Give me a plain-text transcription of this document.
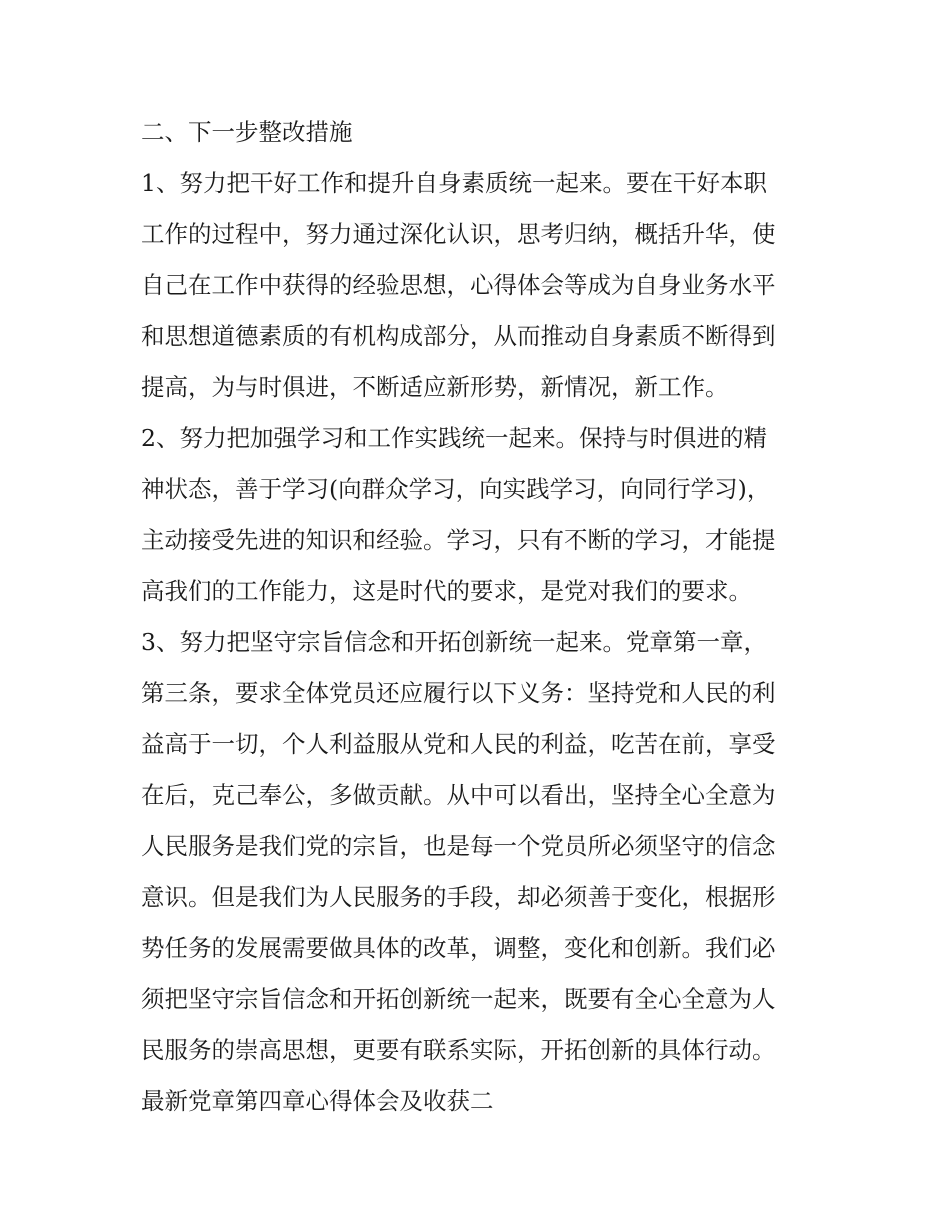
二、下一步整改措施
1、努力把干好工作和提升自身素质统一起来。要在干好本职
工作的过程中，努力通过深化认识，思考归纳，概括升华，使
自己在工作中获得的经验思想，心得体会等成为自身业务水平
和思想道德素质的有机构成部分，从而推动自身素质不断得到
提高，为与时俱进，不断适应新形势，新情况，新工作。
2、努力把加强学习和工作实践统一起来。保持与时俱进的精
神状态，善于学习(向群众学习，向实践学习，向同行学习)，
主动接受先进的知识和经验。学习，只有不断的学习，才能提
高我们的工作能力，这是时代的要求，是党对我们的要求。
3、努力把坚守宗旨信念和开拓创新统一起来。党章第一章，
第三条，要求全体党员还应履行以下义务：坚持党和人民的利
益高于一切，个人利益服从党和人民的利益，吃苦在前，享受
在后，克己奉公，多做贡献。从中可以看出，坚持全心全意为
人民服务是我们党的宗旨，也是每一个党员所必须坚守的信念
意识。但是我们为人民服务的手段，却必须善于变化，根据形
势任务的发展需要做具体的改革，调整，变化和创新。我们必
须把坚守宗旨信念和开拓创新统一起来，既要有全心全意为人
民服务的崇高思想，更要有联系实际，开拓创新的具体行动。
最新党章第四章心得体会及收获二
